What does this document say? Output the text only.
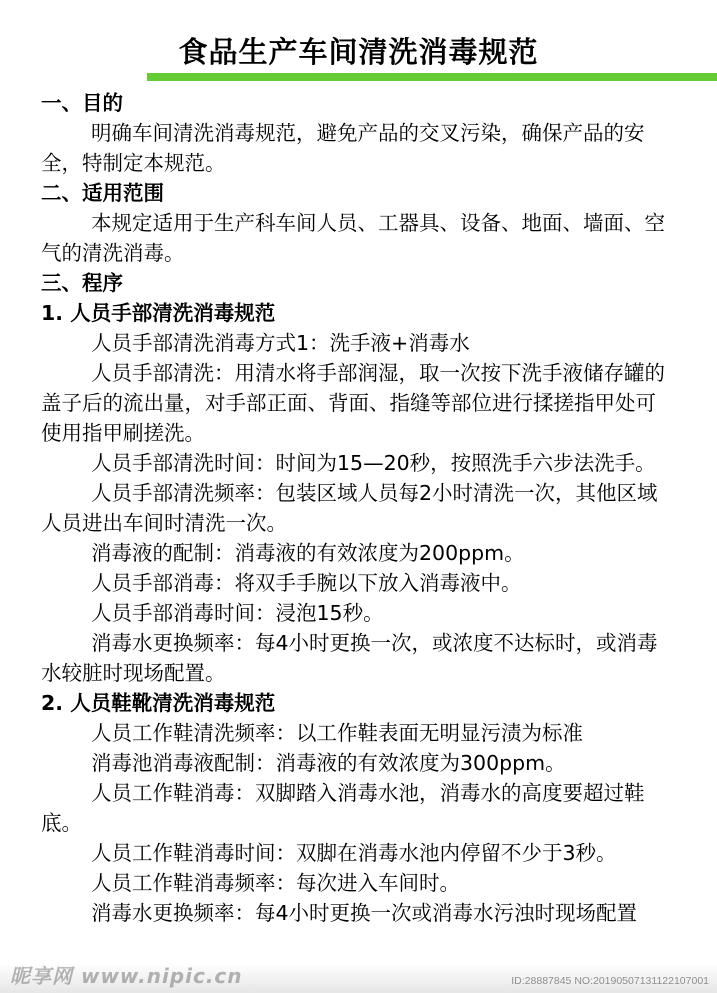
食品生产车间清洗消毒规范

一、目的

明确车间清洗消毒规范，避免产品的交叉污染，确保产品的安全，特制定本规范。

二、适用范围

本规定适用于生产科车间人员、工器具、设备、地面、墙面、空气的清洗消毒。

三、程序

1. 人员手部清洗消毒规范

人员手部清洗消毒方式1：洗手液+消毒水

人员手部清洗：用清水将手部润湿，取一次按下洗手液储存罐的盖子后的流出量，对手部正面、背面、指缝等部位进行揉搓指甲处可使用指甲刷搓洗。

人员手部清洗时间：时间为15—20秒，按照洗手六步法洗手。

人员手部清洗频率：包装区域人员每2小时清洗一次，其他区域人员进出车间时清洗一次。

消毒液的配制：消毒液的有效浓度为200ppm。

人员手部消毒：将双手手腕以下放入消毒液中。

人员手部消毒时间：浸泡15秒。

消毒水更换频率：每4小时更换一次，或浓度不达标时，或消毒水较脏时现场配置。

2. 人员鞋靴清洗消毒规范

人员工作鞋清洗频率：以工作鞋表面无明显污渍为标准

消毒池消毒液配制：消毒液的有效浓度为300ppm。

人员工作鞋消毒：双脚踏入消毒水池，消毒水的高度要超过鞋底。

人员工作鞋消毒时间：双脚在消毒水池内停留不少于3秒。

人员工作鞋消毒频率：每次进入车间时。

消毒水更换频率：每4小时更换一次或消毒水污浊时现场配置

昵享网 www.nipic.cn	ID:28887845 NO:20190507131122107001
